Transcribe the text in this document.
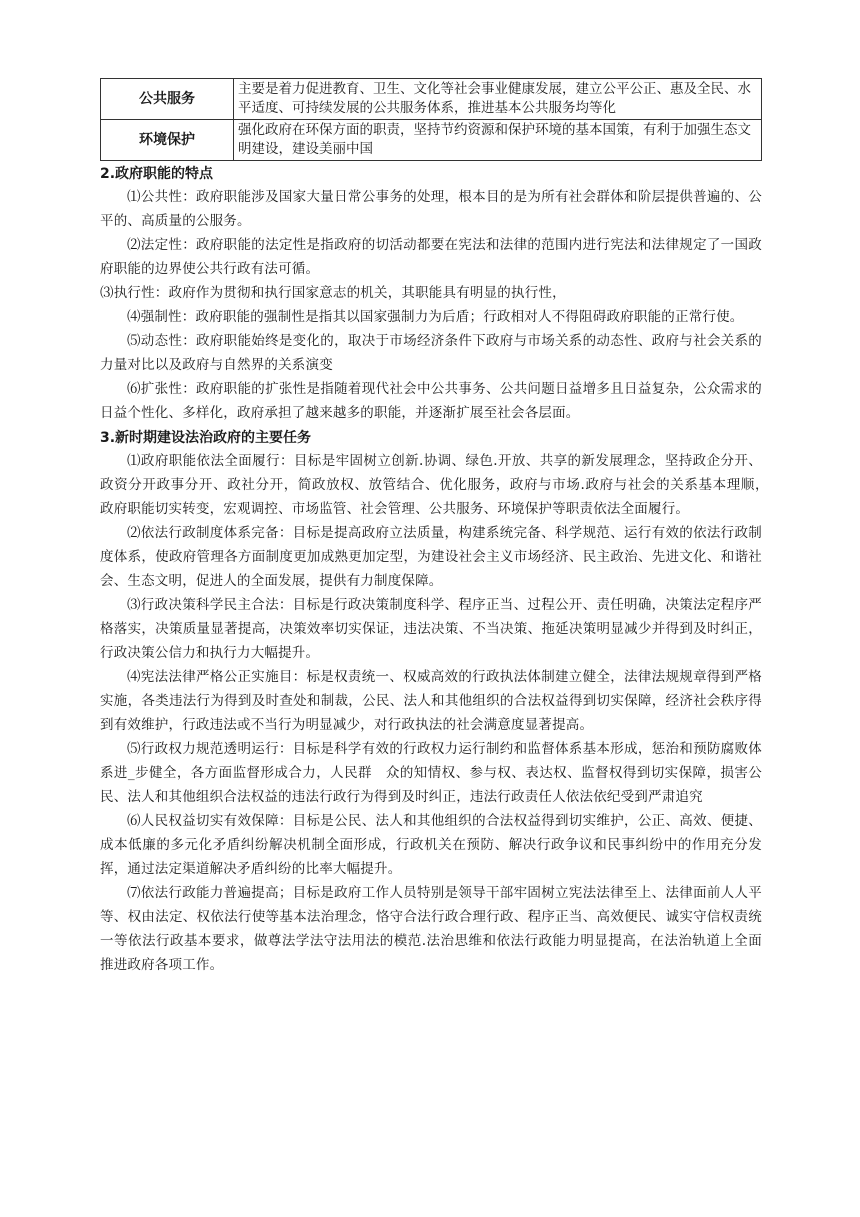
公共服务	主要是着力促进教育、卫生、文化等社会事业健康发展，建立公平公正、惠及全民、水平适度、可持续发展的公共服务体系，推进基本公共服务均等化
环境保护	强化政府在环保方面的职责，坚持节约资源和保护环境的基本国策，有利于加强生态文明建设，建设美丽中国
2.政府职能的特点

⑴公共性：政府职能涉及国家大量日常公事务的处理，根本目的是为所有社会群体和阶层提供普遍的、公平的、高质量的公服务。

⑵法定性：政府职能的法定性是指政府的切活动都要在宪法和法律的范围内进行宪法和法律规定了一国政府职能的边界使公共行政有法可循。

⑶执行性：政府作为贯彻和执行国家意志的机关，其职能具有明显的执行性，

⑷强制性：政府职能的强制性是指其以国家强制力为后盾；行政相对人不得阻碍政府职能的正常行使。

⑸动态性：政府职能始终是变化的，取决于市场经济条件下政府与市场关系的动态性、政府与社会关系的力量对比以及政府与自然界的关系演变

⑹扩张性：政府职能的扩张性是指随着现代社会中公共事务、公共问题日益增多且日益复杂，公众需求的日益个性化、多样化，政府承担了越来越多的职能，并逐渐扩展至社会各层面。

3.新时期建设法治政府的主要任务

⑴政府职能依法全面履行：目标是牢固树立创新.协调、绿色.开放、共享的新发展理念，坚持政企分开、政资分开政事分开、政社分开，简政放权、放管结合、优化服务，政府与市场.政府与社会的关系基本理顺，　 政府职能切实转变，宏观调控、市场监管、社会管理、公共服务、环境保护等职责依法全面履行。

⑵依法行政制度体系完备：目标是提高政府立法质量，构建系统完备、科学规范、运行有效的依法行政制度体系，使政府管理各方面制度更加成熟更加定型，为建设社会主义市场经济、民主政治、先进文化、和谐社会、生态文明，促进人的全面发展，提供有力制度保障。

⑶行政决策科学民主合法：目标是行政决策制度科学、程序正当、过程公开、责任明确，决策法定程序严格落实，决策质量显著提高，决策效率切实保证，违法决策、不当决策、拖延决策明显减少并得到及时纠正，行政决策公信力和执行力大幅提升。

⑷宪法法律严格公正实施目：标是权责统一、权威高效的行政执法体制建立健全，法律法规规章得到严格实施，各类违法行为得到及时查处和制裁，公民、法人和其他组织的合法权益得到切实保障，经济社会秩序得到有效维护，行政违法或不当行为明显减少，对行政执法的社会满意度显著提高。

⑸行政权力规范透明运行：目标是科学有效的行政权力运行制约和监督体系基本形成，惩治和预防腐败体系进_步健全，各方面监督形成合力，人民群　众的知情权、参与权、表达权、监督权得到切实保障，损害公民、法人和其他组织合法权益的违法行政行为得到及时纠正，违法行政责任人依法依纪受到严肃追究

⑹人民权益切实有效保障：目标是公民、法人和其他组织的合法权益得到切实维护，公正、高效、便捷、成本低廉的多元化矛盾纠纷解决机制全面形成，行政机关在预防、解决行政争议和民事纠纷中的作用充分发挥，通过法定渠道解决矛盾纠纷的比率大幅提升。

⑺依法行政能力普遍提高；目标是政府工作人员特别是领导干部牢固树立宪法法律至上、法律面前人人平等、权由法定、权依法行使等基本法治理念，恪守合法行政合理行政、程序正当、高效便民、诚实守信权责统一等依法行政基本要求，做尊法学法守法用法的模范.法治思维和依法行政能力明显提高，在法治轨道上全面推进政府各项工作。
